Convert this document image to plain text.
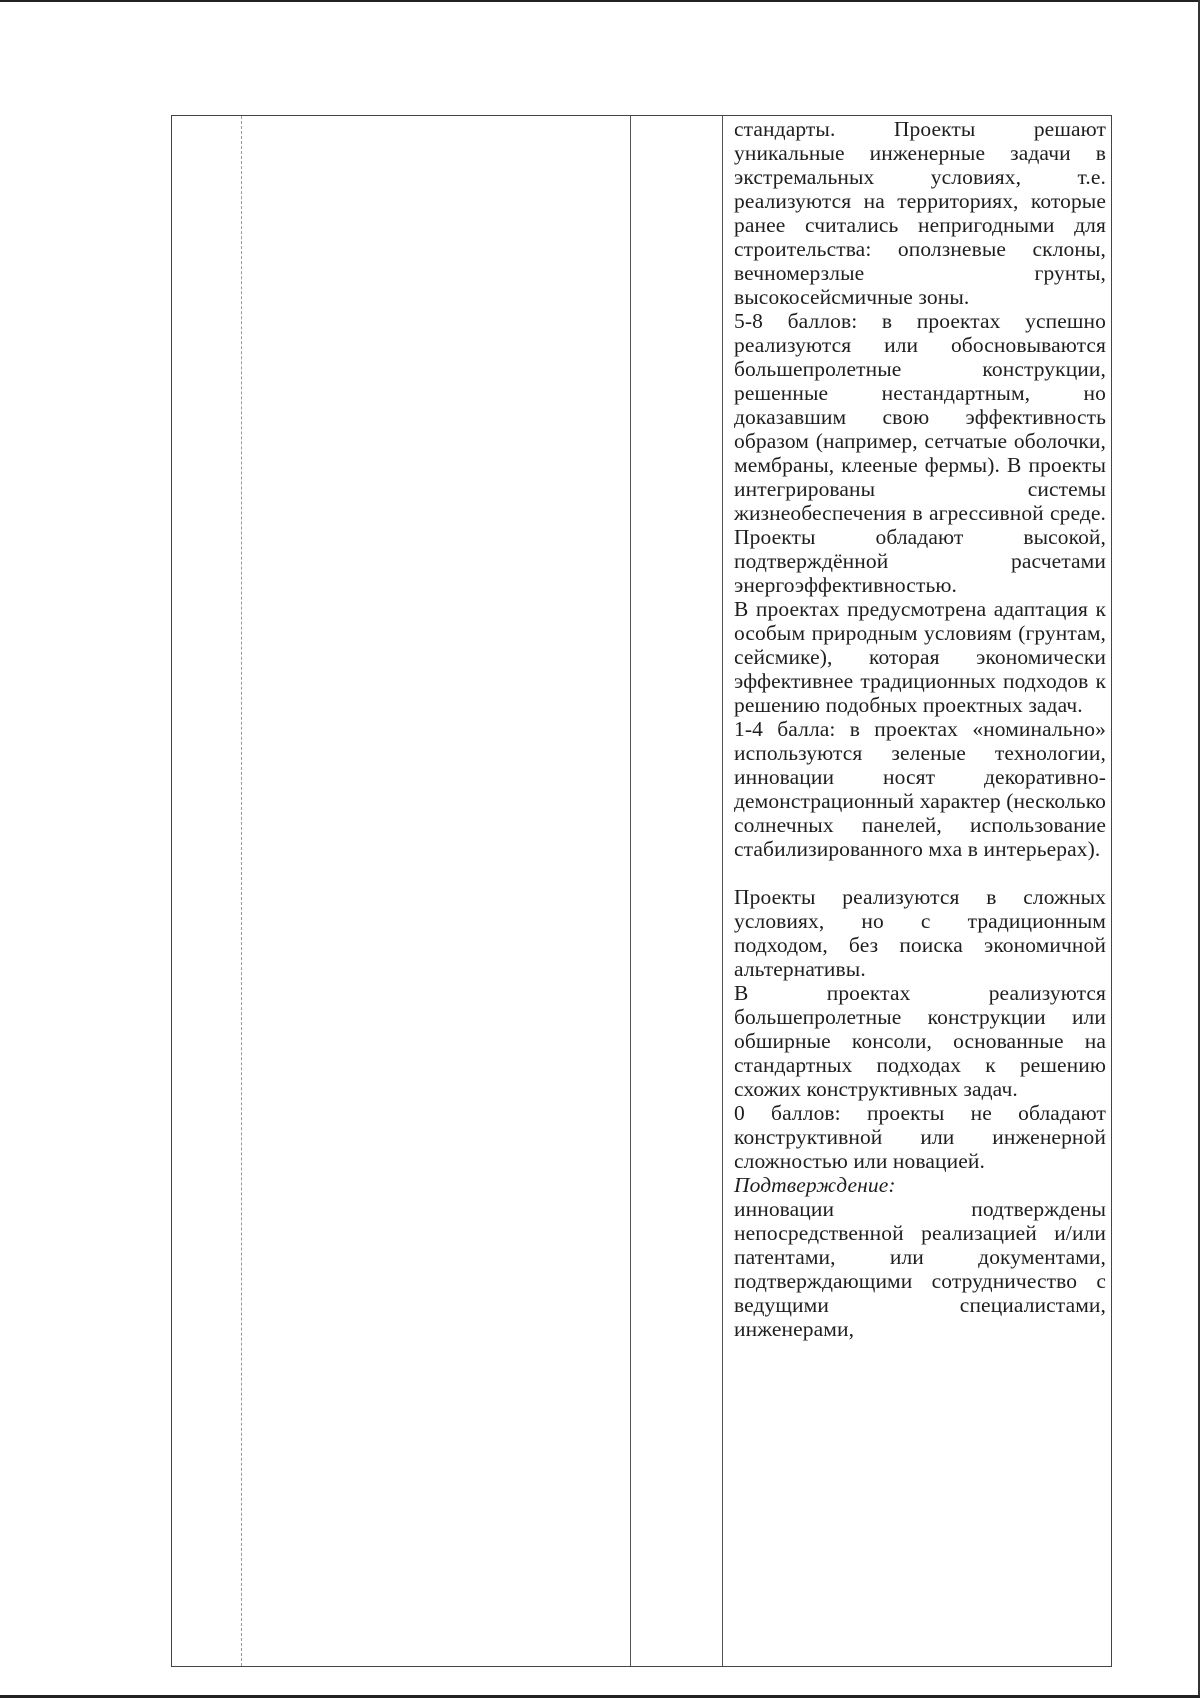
стандарты. Проекты решают уникальные инженерные задачи в экстремальных условиях, т.е. реализуются на территориях, которые ранее считались непригодными для строительства: оползневые склоны, вечномерзлые грунты, высокосейсмичные зоны.

5-8 баллов: в проектах успешно реализуются или обосновываются большепролетные конструкции, решенные нестандартным, но доказавшим свою эффективность образом (например, сетчатые оболочки, мембраны, клееные фермы). В проекты интегрированы системы жизнеобеспечения в агрессивной среде. Проекты обладают высокой, подтверждённой расчетами энергоэффективностью.

В проектах предусмотрена адаптация к особым природным условиям (грунтам, сейсмике), которая экономически эффективнее традиционных подходов к решению подобных проектных задач.

1-4 балла: в проектах «номинально» используются зеленые технологии, инновации носят декоративно-демонстрационный характер (несколько солнечных панелей, использование стабилизированного мха в интерьерах).

Проекты реализуются в сложных условиях, но с традиционным подходом, без поиска экономичной альтернативы.

В проектах реализуются большепролетные конструкции или обширные консоли, основанные на стандартных подходах к решению схожих конструктивных задач.

0 баллов: проекты не обладают конструктивной или инженерной сложностью или новацией.

Подтверждение:

инновации подтверждены непосредственной реализацией и/или патентами, или документами, подтверждающими сотрудничество с ведущими специалистами, инженерами,
